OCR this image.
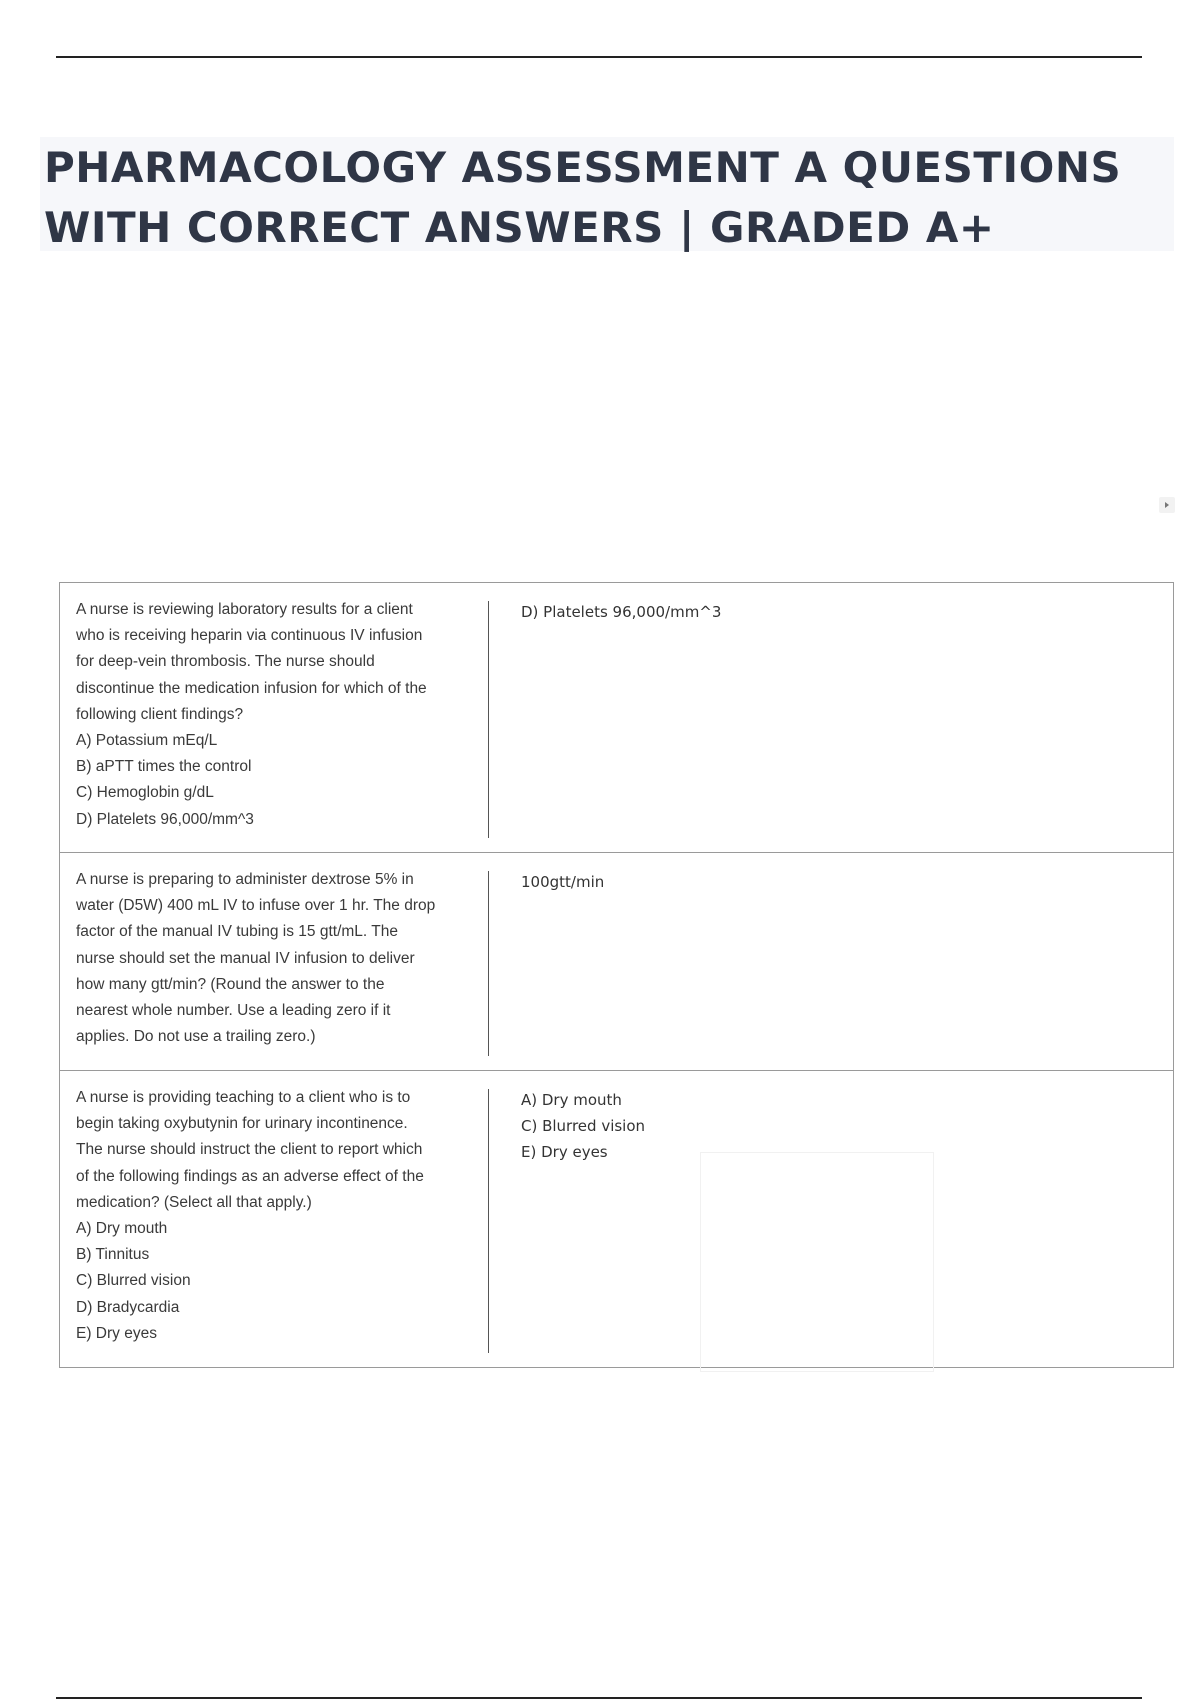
PHARMACOLOGY ASSESSMENT A QUESTIONS
WITH CORRECT ANSWERS | GRADED A+
A nurse is reviewing laboratory results for a client
who is receiving heparin via continuous IV infusion
for deep-vein thrombosis. The nurse should
discontinue the medication infusion for which of the
following client findings?
A) Potassium mEq/L
B) aPTT times the control
C) Hemoglobin g/dL
D) Platelets 96,000/mm^3
D) Platelets 96,000/mm^3
A nurse is preparing to administer dextrose 5% in
water (D5W) 400 mL IV to infuse over 1 hr. The drop
factor of the manual IV tubing is 15 gtt/mL. The
nurse should set the manual IV infusion to deliver
how many gtt/min? (Round the answer to the
nearest whole number. Use a leading zero if it
applies. Do not use a trailing zero.)
100gtt/min
A nurse is providing teaching to a client who is to
begin taking oxybutynin for urinary incontinence.
The nurse should instruct the client to report which
of the following findings as an adverse effect of the
medication? (Select all that apply.)
A) Dry mouth
B) Tinnitus
C) Blurred vision
D) Bradycardia
E) Dry eyes
A) Dry mouth
C) Blurred vision
E) Dry eyes
